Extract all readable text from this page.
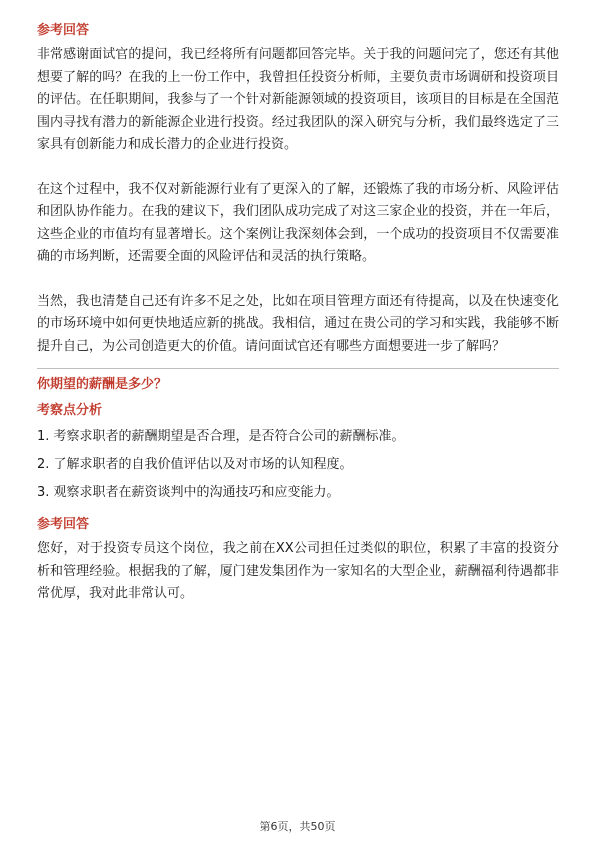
参考回答

非常感谢面试官的提问，我已经将所有问题都回答完毕。关于我的问题问完了，您还有其他想要了解的吗？在我的上一份工作中，我曾担任投资分析师，主要负责市场调研和投资项目的评估。在任职期间，我参与了一个针对新能源领域的投资项目，该项目的目标是在全国范围内寻找有潜力的新能源企业进行投资。经过我团队的深入研究与分析，我们最终选定了三家具有创新能力和成长潜力的企业进行投资。

在这个过程中，我不仅对新能源行业有了更深入的了解，还锻炼了我的市场分析、风险评估和团队协作能力。在我的建议下，我们团队成功完成了对这三家企业的投资，并在一年后，这些企业的市值均有显著增长。这个案例让我深刻体会到，一个成功的投资项目不仅需要准确的市场判断，还需要全面的风险评估和灵活的执行策略。

当然，我也清楚自己还有许多不足之处，比如在项目管理方面还有待提高，以及在快速变化的市场环境中如何更快地适应新的挑战。我相信，通过在贵公司的学习和实践，我能够不断提升自己，为公司创造更大的价值。请问面试官还有哪些方面想要进一步了解吗？

你期望的薪酬是多少？

考察点分析

1. 考察求职者的薪酬期望是否合理，是否符合公司的薪酬标准。

2. 了解求职者的自我价值评估以及对市场的认知程度。

3. 观察求职者在薪资谈判中的沟通技巧和应变能力。

参考回答

您好，对于投资专员这个岗位，我之前在XX公司担任过类似的职位，积累了丰富的投资分析和管理经验。根据我的了解，厦门建发集团作为一家知名的大型企业，薪酬福利待遇都非常优厚，我对此非常认可。

第6页，共50页
